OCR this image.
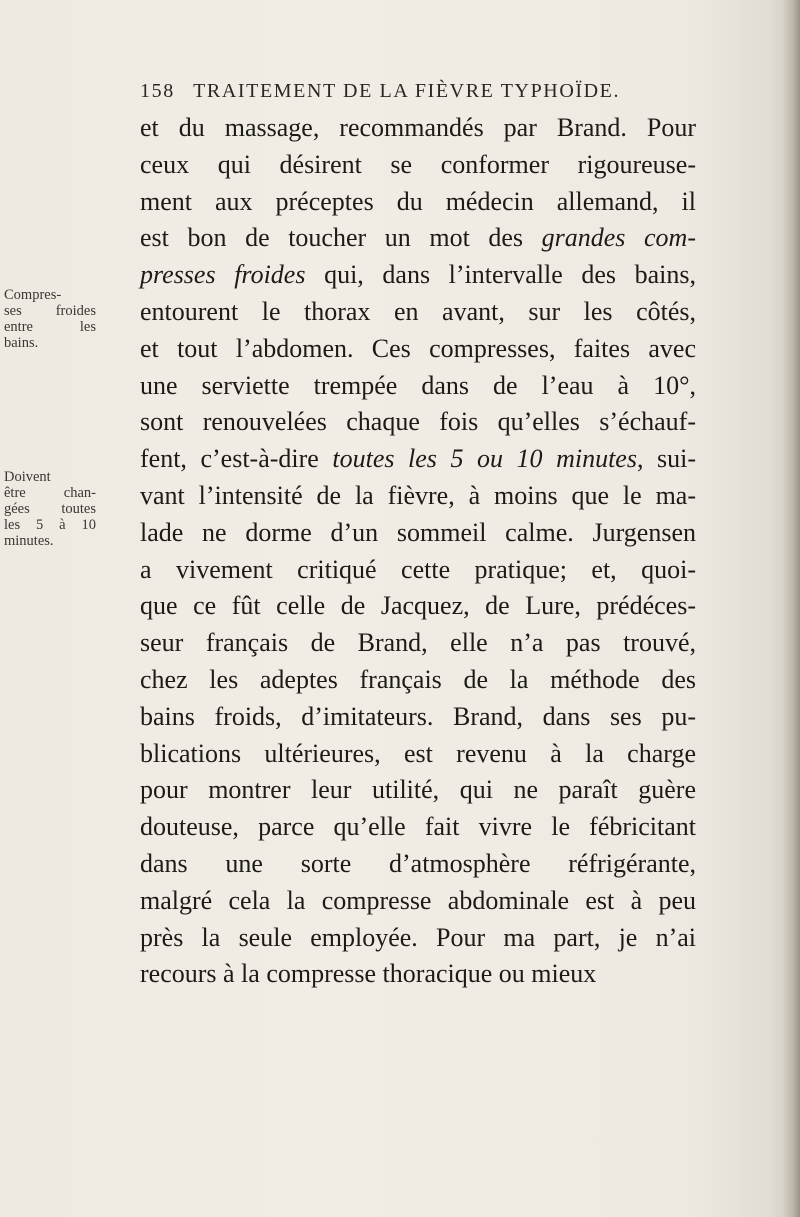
158 TRAITEMENT DE LA FIÈVRE TYPHOÏDE.
Compres-
ses froides
entre les
bains.
Doivent
être chan-
gées toutes
les 5 à 10
minutes.
et du massage, recommandés par Brand. Pour
ceux qui désirent se conformer rigoureuse-
ment aux préceptes du médecin allemand, il
est bon de toucher un mot des grandes com-
presses froides qui, dans l’intervalle des bains,
entourent le thorax en avant, sur les côtés,
et tout l’abdomen. Ces compresses, faites avec
une serviette trempée dans de l’eau à 10°,
sont renouvelées chaque fois qu’elles s’échauf-
fent, c’est-à-dire toutes les 5 ou 10 minutes, sui-
vant l’intensité de la fièvre, à moins que le ma-
lade ne dorme d’un sommeil calme. Jurgensen
a vivement critiqué cette pratique; et, quoi-
que ce fût celle de Jacquez, de Lure, prédéces-
seur français de Brand, elle n’a pas trouvé,
chez les adeptes français de la méthode des
bains froids, d’imitateurs. Brand, dans ses pu-
blications ultérieures, est revenu à la charge
pour montrer leur utilité, qui ne paraît guère
douteuse, parce qu’elle fait vivre le fébricitant
dans une sorte d’atmosphère réfrigérante,
malgré cela la compresse abdominale est à peu
près la seule employée. Pour ma part, je n’ai
recours à la compresse thoracique ou mieux
